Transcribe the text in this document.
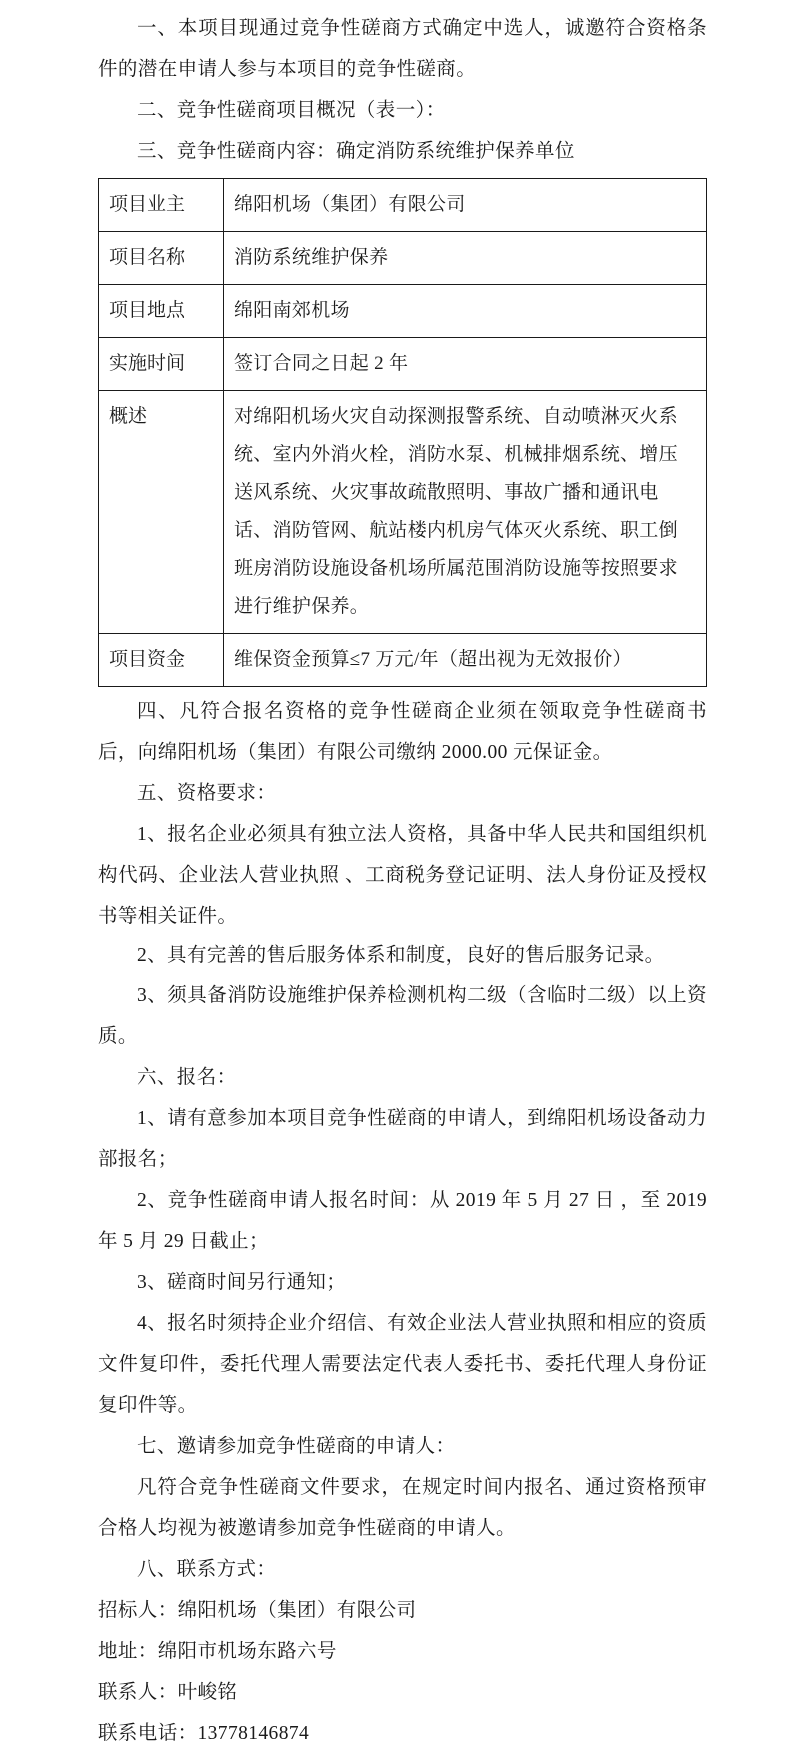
一、本项目现通过竞争性磋商方式确定中选人，诚邀符合资格条件的潜在申请人参与本项目的竞争性磋商。

二、竞争性磋商项目概况（表一）：

三、竞争性磋商内容：确定消防系统维护保养单位

项目业主	绵阳机场（集团）有限公司
项目名称	消防系统维护保养
项目地点	绵阳南郊机场
实施时间	签订合同之日起 2 年
概述	对绵阳机场火灾自动探测报警系统、自动喷淋灭火系统、室内外消火栓，消防水泵、机械排烟系统、增压送风系统、火灾事故疏散照明、事故广播和通讯电话、消防管网、航站楼内机房气体灭火系统、职工倒班房消防设施设备机场所属范围消防设施等按照要求进行维护保养。
项目资金	维保资金预算≤7 万元/年（超出视为无效报价）

四、凡符合报名资格的竞争性磋商企业须在领取竞争性磋商书后，向绵阳机场（集团）有限公司缴纳 2000.00 元保证金。

五、资格要求：

1、报名企业必须具有独立法人资格，具备中华人民共和国组织机构代码、企业法人营业执照 、工商税务登记证明、法人身份证及授权书等相关证件。

2、具有完善的售后服务体系和制度，良好的售后服务记录。

3、须具备消防设施维护保养检测机构二级（含临时二级）以上资质。

六、报名：

1、请有意参加本项目竞争性磋商的申请人，到绵阳机场设备动力部报名；

2、竞争性磋商申请人报名时间：从 2019 年 5 月 27 日 ，至 2019 年 5 月 29 日截止；

3、磋商时间另行通知；

4、报名时须持企业介绍信、有效企业法人营业执照和相应的资质文件复印件，委托代理人需要法定代表人委托书、委托代理人身份证复印件等。

七、邀请参加竞争性磋商的申请人：

凡符合竞争性磋商文件要求，在规定时间内报名、通过资格预审合格人均视为被邀请参加竞争性磋商的申请人。

八、联系方式：

招标人：绵阳机场（集团）有限公司

地址：绵阳市机场东路六号

联系人：叶峻铭

联系电话：13778146874
